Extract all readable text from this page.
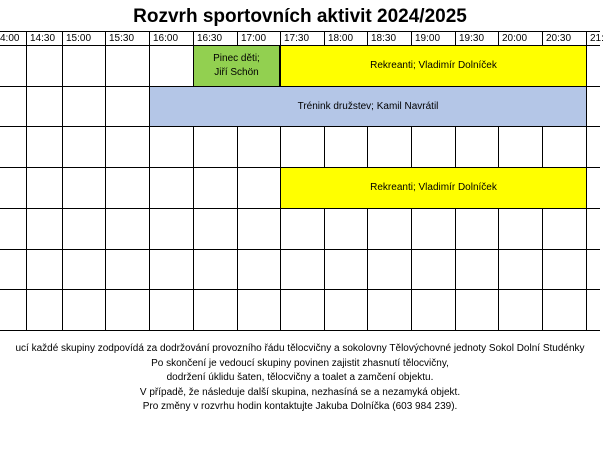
Rozvrh sportovních aktivit 2024/2025
4:00 14:30 15:00 15:30 16:00 16:30 17:00 17:30 18:00 18:30 19:00 19:30 20:00 20:30 21:
Pinec děti;
Jiří Schön
Rekreanti; Vladimír Dolníček
Trénink družstev; Kamil Navrátil
Rekreanti; Vladimír Dolníček
ucí každé skupiny zodpovídá za dodržování provozního řádu tělocvičny a sokolovny Tělovýchovné jednoty Sokol Dolní Studénky
Po skončení je vedoucí skupiny povinen zajistit zhasnutí tělocvičny,
dodržení úklidu šaten, tělocvičny a toalet a zamčení objektu.
V případě, že následuje další skupina, nezhasíná se a nezamyká objekt.
Pro změny v rozvrhu hodin kontaktujte Jakuba Dolníčka (603 984 239).
